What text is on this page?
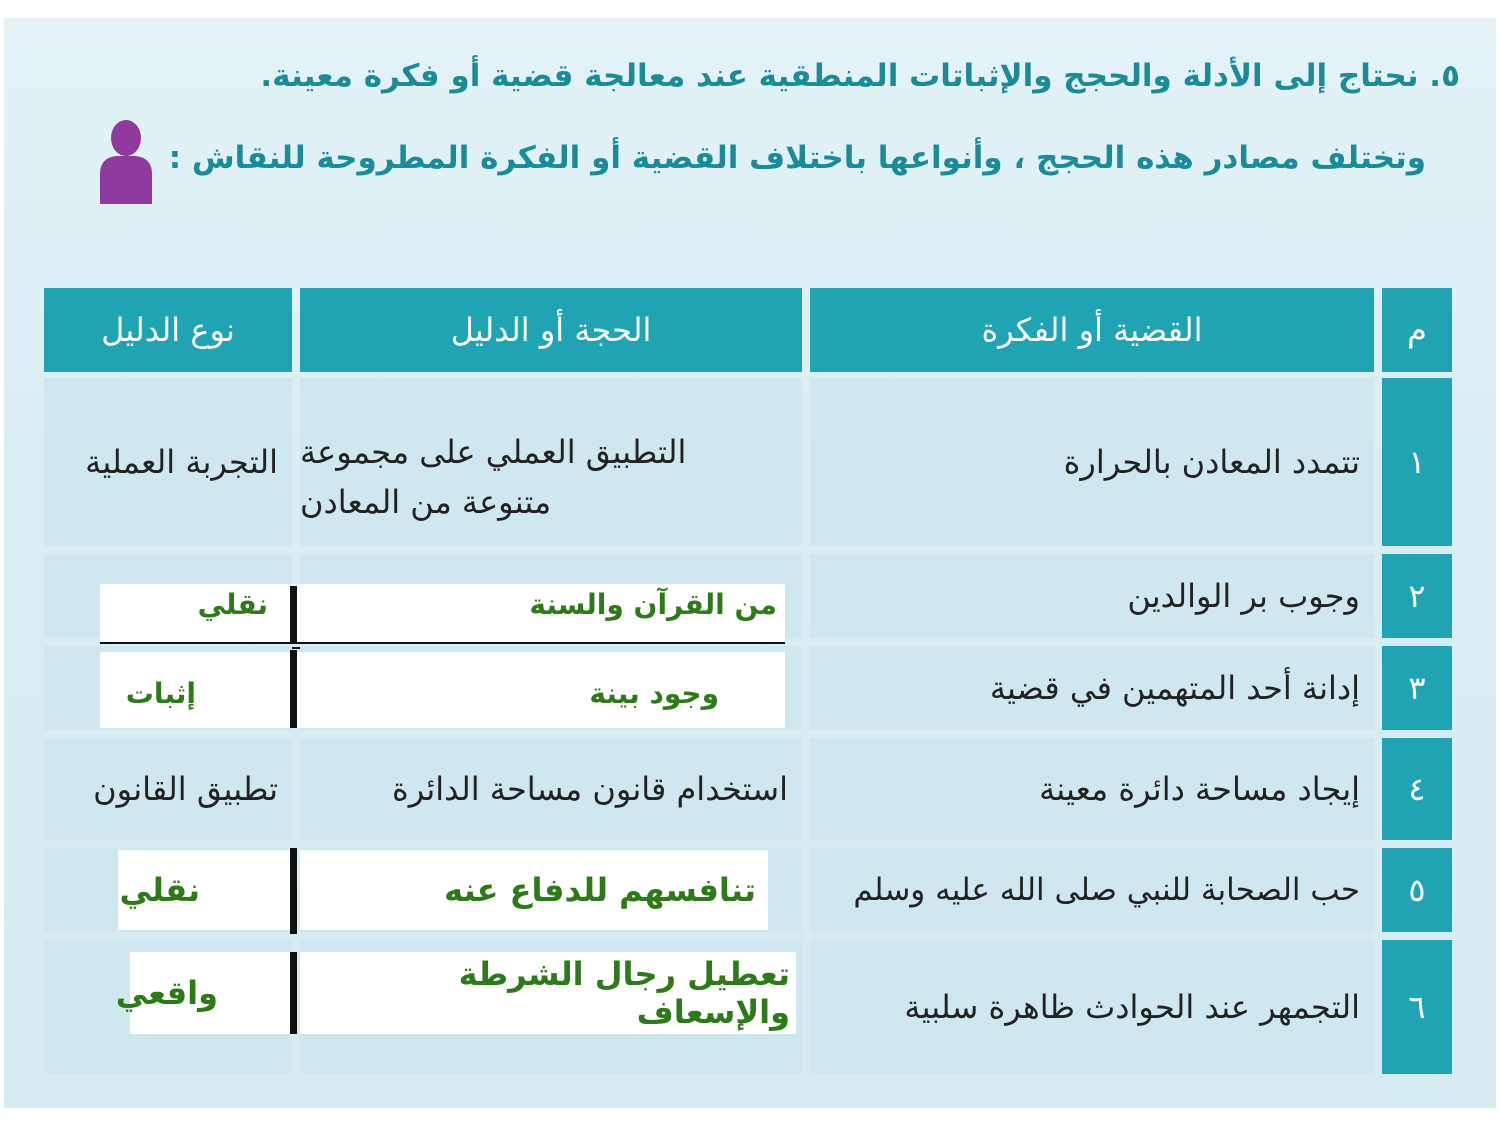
٥. نحتاج إلى الأدلة والحجج والإثباتات المنطقية عند معالجة قضية أو فكرة معينة.
وتختلف مصادر هذه الحجج ، وأنواعها باختلاف القضية أو الفكرة المطروحة للنقاش :
م
القضية أو الفكرة
الحجة أو الدليل
نوع الدليل
١
تتمدد المعادن بالحرارة
التطبيق العملي على مجموعة
متنوعة من المعادن
التجربة العملية
٢
وجوب بر الوالدين
من القرآن والسنة
نقلي
٣
إدانة أحد المتهمين في قضية
وجود بينة
إثبات
٤
إيجاد مساحة دائرة معينة
استخدام قانون مساحة الدائرة
تطبيق القانون
٥
حب الصحابة للنبي صلى الله عليه وسلم
تنافسهم للدفاع عنه
نقلي
٦
التجمهر عند الحوادث ظاهرة سلبية
تعطيل رجال الشرطة والإسعاف
واقعي
